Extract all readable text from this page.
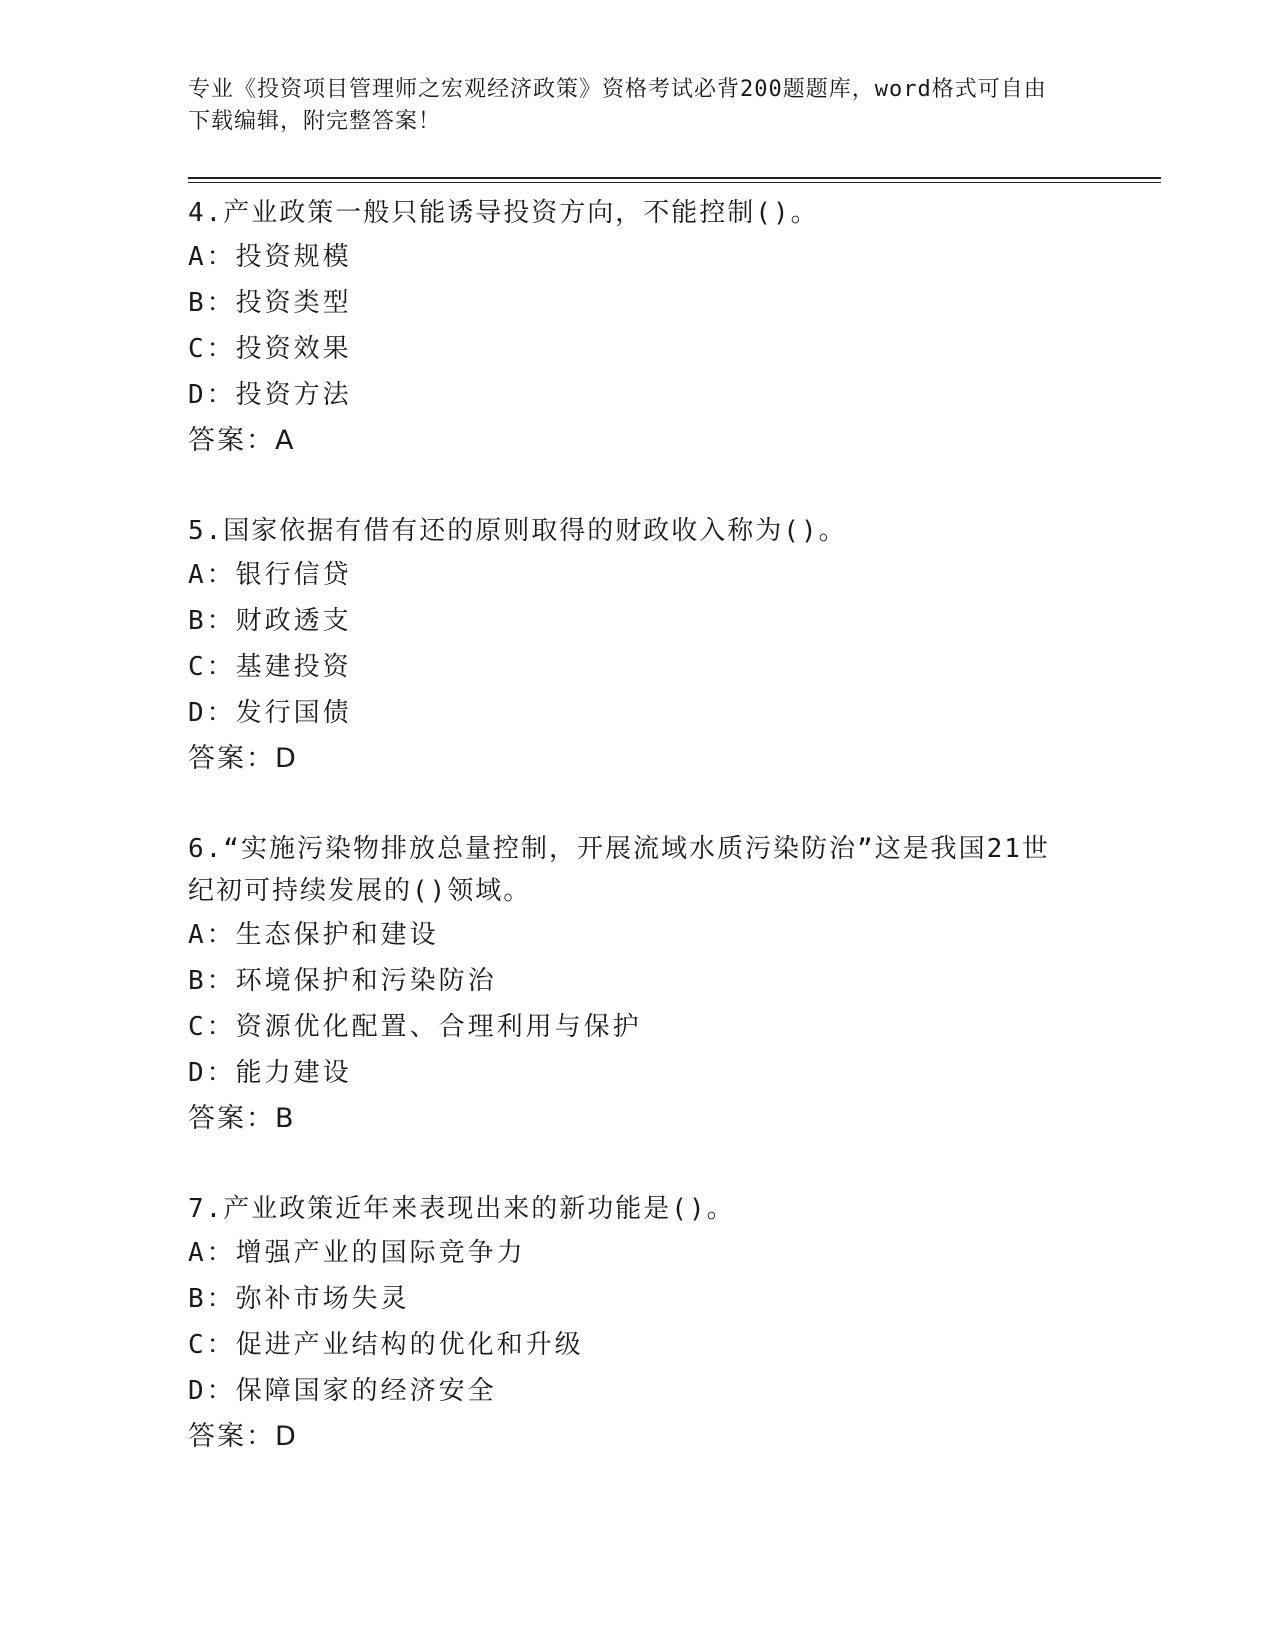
专业《投资项目管理师之宏观经济政策》资格考试必背200题题库，word格式可自由下载编辑，附完整答案！

4.产业政策一般只能诱导投资方向，不能控制()。

A：投资规模

B：投资类型

C：投资效果

D：投资方法

答案：A

5.国家依据有借有还的原则取得的财政收入称为()。

A：银行信贷

B：财政透支

C：基建投资

D：发行国债

答案：D

6.“实施污染物排放总量控制，开展流域水质污染防治”这是我国21世纪初可持续发展的()领域。

A：生态保护和建设

B：环境保护和污染防治

C：资源优化配置、合理利用与保护

D：能力建设

答案：B

7.产业政策近年来表现出来的新功能是()。

A：增强产业的国际竞争力

B：弥补市场失灵

C：促进产业结构的优化和升级

D：保障国家的经济安全

答案：D
